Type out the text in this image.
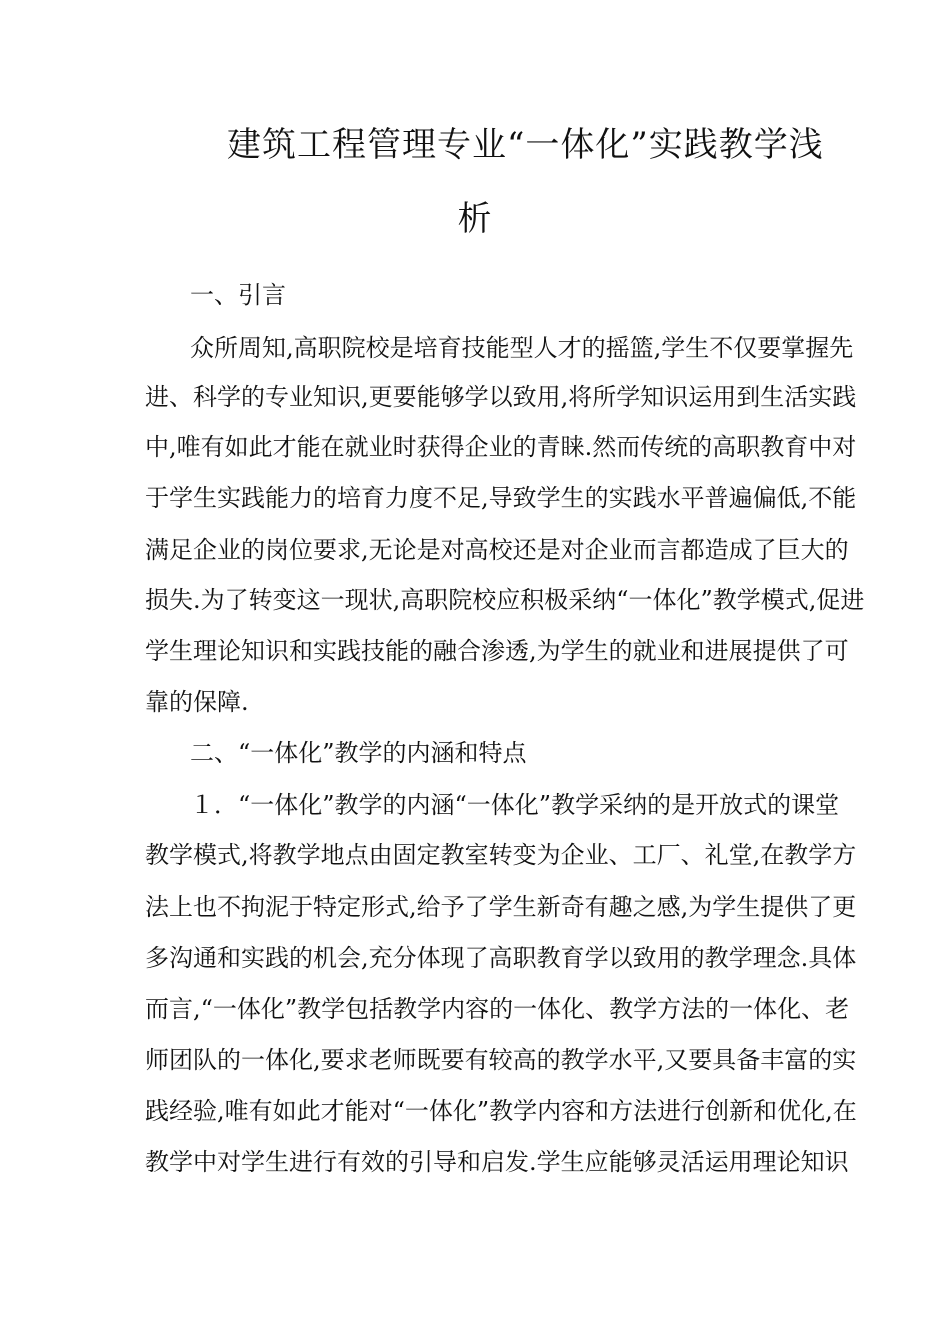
建筑工程管理专业“一体化”实践教学浅
析
一、引言
众所周知,高职院校是培育技能型人才的摇篮,学生不仅要掌握先
进、科学的专业知识,更要能够学以致用,将所学知识运用到生活实践
中,唯有如此才能在就业时获得企业的青睐.然而传统的高职教育中对
于学生实践能力的培育力度不足,导致学生的实践水平普遍偏低,不能
满足企业的岗位要求,无论是对高校还是对企业而言都造成了巨大的
损失.为了转变这一现状,高职院校应积极采纳“一体化”教学模式,促进
学生理论知识和实践技能的融合渗透,为学生的就业和进展提供了可
靠的保障.
二、“一体化”教学的内涵和特点
１．“一体化”教学的内涵“一体化”教学采纳的是开放式的课堂
教学模式,将教学地点由固定教室转变为企业、工厂、礼堂,在教学方
法上也不拘泥于特定形式,给予了学生新奇有趣之感,为学生提供了更
多沟通和实践的机会,充分体现了高职教育学以致用的教学理念.具体
而言,“一体化”教学包括教学内容的一体化、教学方法的一体化、老
师团队的一体化,要求老师既要有较高的教学水平,又要具备丰富的实
践经验,唯有如此才能对“一体化”教学内容和方法进行创新和优化,在
教学中对学生进行有效的引导和启发.学生应能够灵活运用理论知识
